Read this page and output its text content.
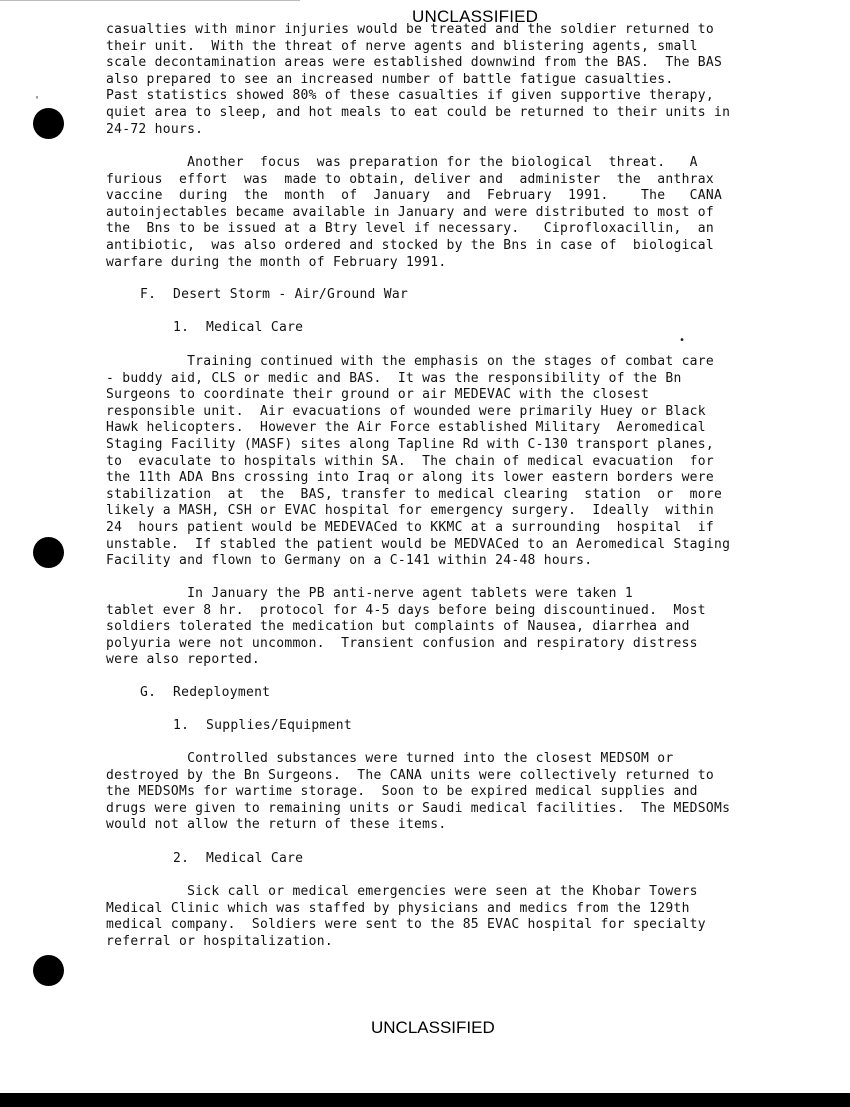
UNCLASSIFIED
'
•

casualties with minor injuries would be treated and the soldier returned to
their unit.  With the threat of nerve agents and blistering agents, small
scale decontamination areas were established downwind from the BAS.  The BAS
also prepared to see an increased number of battle fatigue casualties.
Past statistics showed 80% of these casualties if given supportive therapy,
quiet area to sleep, and hot meals to eat could be returned to their units in
24-72 hours.

Another  focus  was preparation for the biological  threat.   A
furious  effort  was  made to obtain, deliver and  administer  the  anthrax
vaccine  during  the  month  of  January  and  February  1991.    The   CANA
autoinjectables became available in January and were distributed to most of
the  Bns to be issued at a Btry level if necessary.   Ciprofloxacillin,  an
antibiotic,  was also ordered and stocked by the Bns in case of  biological
warfare during the month of February 1991.

F. Desert Storm - Air/Ground War
1. Medical Care

Training continued with the emphasis on the stages of combat care
- buddy aid, CLS or medic and BAS.  It was the responsibility of the Bn
Surgeons to coordinate their ground or air MEDEVAC with the closest
responsible unit.  Air evacuations of wounded were primarily Huey or Black
Hawk helicopters.  However the Air Force established Military  Aeromedical
Staging Facility (MASF) sites along Tapline Rd with C-130 transport planes,
to  evaculate to hospitals within SA.  The chain of medical evacuation  for
the 11th ADA Bns crossing into Iraq or along its lower eastern borders were
stabilization  at  the  BAS, transfer to medical clearing  station  or  more
likely a MASH, CSH or EVAC hospital for emergency surgery.  Ideally  within
24  hours patient would be MEDEVACed to KKMC at a surrounding  hospital  if
unstable.  If stabled the patient would be MEDVACed to an Aeromedical Staging
Facility and flown to Germany on a C-141 within 24-48 hours.

In January the PB anti-nerve agent tablets were taken 1
tablet ever 8 hr.  protocol for 4-5 days before being discountinued.  Most
soldiers tolerated the medication but complaints of Nausea, diarrhea and
polyuria were not uncommon.  Transient confusion and respiratory distress
were also reported.

G. Redeployment
1. Supplies/Equipment

Controlled substances were turned into the closest MEDSOM or
destroyed by the Bn Surgeons.  The CANA units were collectively returned to
the MEDSOMs for wartime storage.  Soon to be expired medical supplies and
drugs were given to remaining units or Saudi medical facilities.  The MEDSOMs
would not allow the return of these items.

2. Medical Care

Sick call or medical emergencies were seen at the Khobar Towers
Medical Clinic which was staffed by physicians and medics from the 129th
medical company.  Soldiers were sent to the 85 EVAC hospital for specialty
referral or hospitalization.

UNCLASSIFIED
